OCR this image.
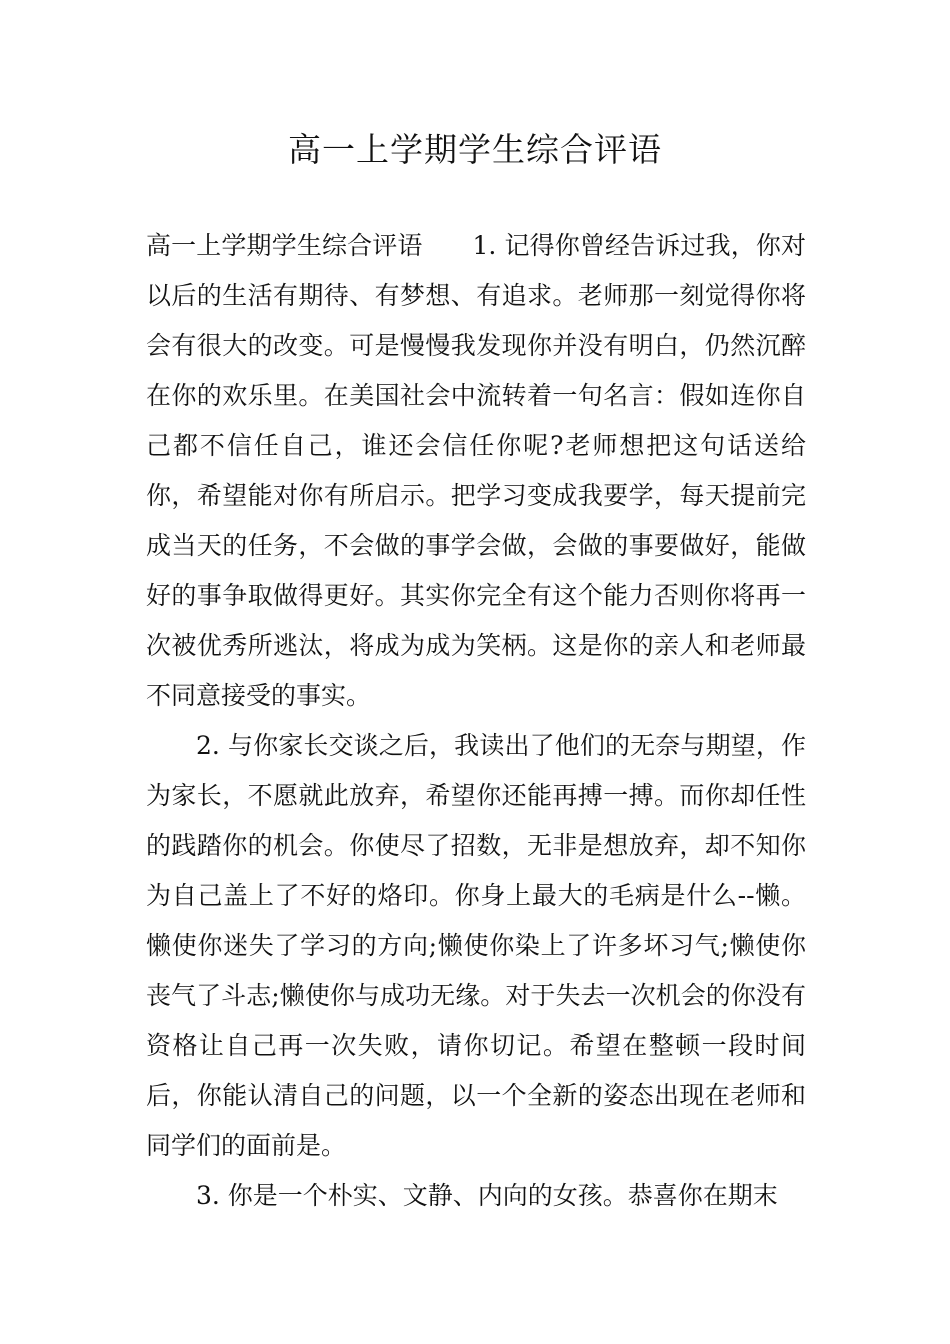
高一上学期学生综合评语

高一上学期学生综合评语 1. 记得你曾经告诉过我，你对以后的生活有期待、有梦想、有追求。老师那一刻觉得你将会有很大的改变。可是慢慢我发现你并没有明白，仍然沉醉在你的欢乐里。在美国社会中流转着一句名言：假如连你自己都不信任自己，谁还会信任你呢?老师想把这句话送给你，希望能对你有所启示。把学习变成我要学，每天提前完成当天的任务，不会做的事学会做，会做的事要做好，能做好的事争取做得更好。其实你完全有这个能力否则你将再一次被优秀所逃汰，将成为成为笑柄。这是你的亲人和老师最不同意接受的事实。

2. 与你家长交谈之后，我读出了他们的无奈与期望，作为家长，不愿就此放弃，希望你还能再搏一搏。而你却任性的践踏你的机会。你使尽了招数，无非是想放弃，却不知你为自己盖上了不好的烙印。你身上最大的毛病是什么--懒。懒使你迷失了学习的方向;懒使你染上了许多坏习气;懒使你丧气了斗志;懒使你与成功无缘。对于失去一次机会的你没有资格让自己再一次失败，请你切记。希望在整顿一段时间后，你能认清自己的问题，以一个全新的姿态出现在老师和同学们的面前是。

3. 你是一个朴实、文静、内向的女孩。恭喜你在期末
